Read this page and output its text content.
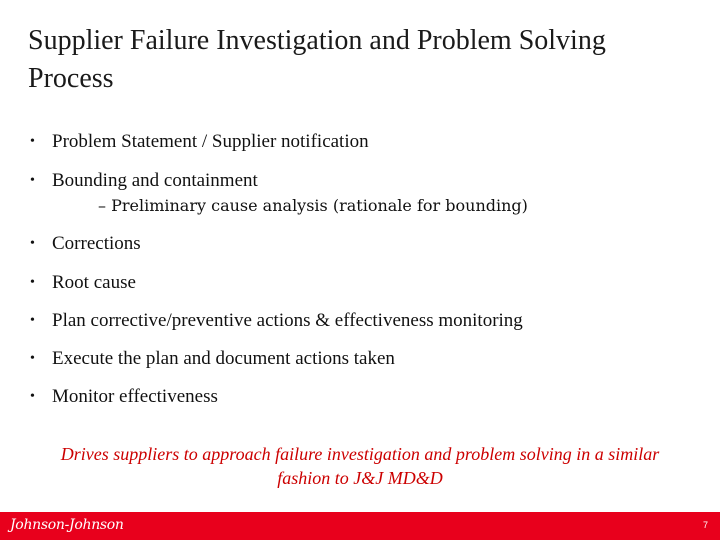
Supplier Failure Investigation and Problem Solving Process
• Problem Statement / Supplier notification
• Bounding and containment
– Preliminary cause analysis (rationale for bounding)
• Corrections
• Root cause
• Plan corrective/preventive actions & effectiveness monitoring
• Execute the plan and document actions taken
• Monitor effectiveness
Drives suppliers to approach failure investigation and problem solving in a similar fashion to J&J MD&D
Johnson-Johnson	7
